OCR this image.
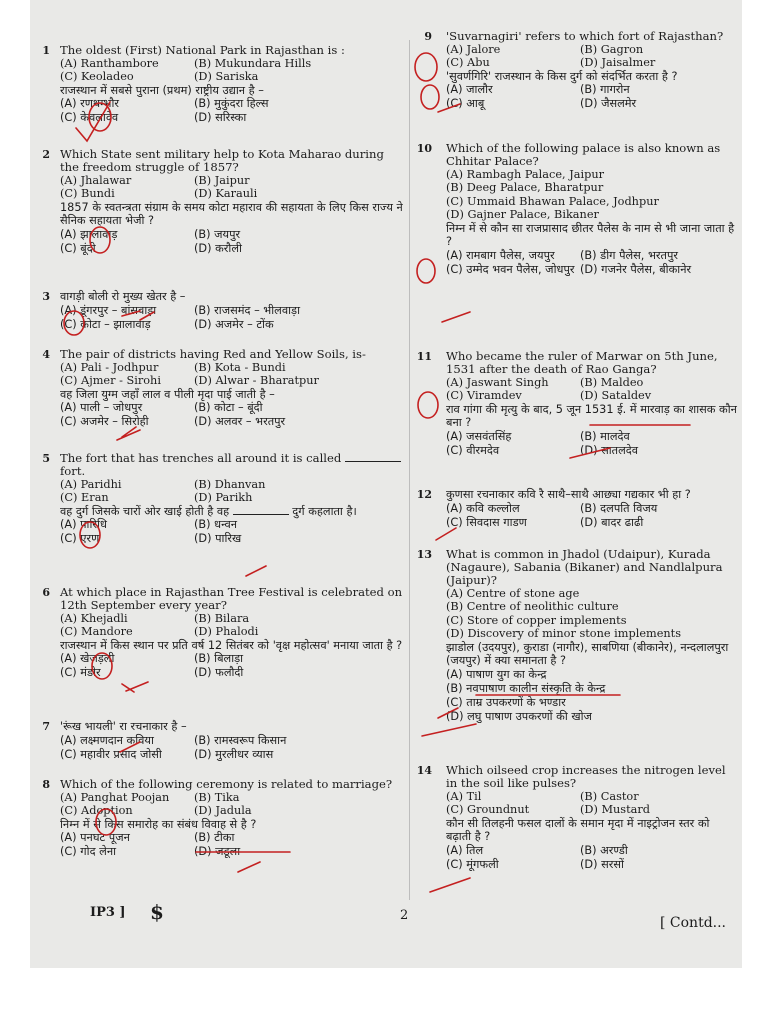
1 The oldest (First) National Park in Rajasthan is :
(A) Ranthambore	(B) Mukundara Hills
(C) Keoladeo	(D) Sariska
राजस्थान में सबसे पुराना (प्रथम) राष्ट्रीय उद्यान है –
(A) रणथम्भौर	(B) मुकुंदरा हिल्स
(C) केवलादेव	(D) सरिस्का
2 Which State sent military help to Kota Maharao during the freedom struggle of 1857?
(A) Jhalawar	(B) Jaipur
(C) Bundi	(D) Karauli
1857 के स्वतन्त्रता संग्राम के समय कोटा महाराव की सहायता के लिए किस राज्य ने सैनिक सहायता भेजी ?
(A) झालावाड़	(B) जयपुर
(C) बूंदी	(D) करौली
3 वागड़ी बोली रो मुख्य खेतर है –
(A) डूंगरपुर – बांसवाड़ा	(B) राजसमंद – भीलवाड़ा
(C) कोटा – झालावाड़	(D) अजमेर – टोंक
4 The pair of districts having Red and Yellow Soils, is-
(A) Pali - Jodhpur	(B) Kota - Bundi
(C) Ajmer - Sirohi	(D) Alwar - Bharatpur
वह जिला युग्म जहाँ लाल व पीली मृदा पाई जाती है –
(A) पाली – जोधपुर	(B) कोटा – बूंदी
(C) अजमेर – सिरोही	(D) अलवर – भरतपुर
5 The fort that has trenches all around it is called  fort.
(A) Paridhi	(B) Dhanvan
(C) Eran	(D) Parikh
वह दुर्ग जिसके चारों ओर खाई होती है वह	दुर्ग कहलाता है।
(A) पारिधि	(B) धन्वन
(C) एरण	(D) पारिख
6 At which place in Rajasthan Tree Festival is celebrated on 12th September every year?
(A) Khejadli	(B) Bilara
(C) Mandore	(D) Phalodi
राजस्थान में किस स्थान पर प्रति वर्ष 12 सितंबर को 'वृक्ष महोत्सव' मनाया जाता है ?
(A) खेजड़ली	(B) बिलाड़ा
(C) मंडोर	(D) फलौदी
7 'रूंख भायली' रा रचनाकार है –
(A) लक्ष्मणदान कविया	(B) रामस्वरूप किसान
(C) महावीर प्रसाद जोसी	(D) मुरलीधर व्यास
8 Which of the following ceremony is related to marriage?
(A) Panghat Poojan	(B) Tika
(C) Adoption	(D) Jadula
निम्न में से किस समारोह का संबंध विवाह से है ?
(A) पनघट पूजन	(B) टीका
(C) गोद लेना	(D) जडूला
9 'Suvarnagiri' refers to which fort of Rajasthan?
(A) Jalore	(B) Gagron
(C) Abu	(D) Jaisalmer
'सुवर्णगिरि' राजस्थान के किस दुर्ग को संदर्भित करता है ?
(A) जालौर	(B) गागरोन
(C) आबू	(D) जैसलमेर
10 Which of the following palace is also known as Chhitar Palace?
(A) Rambagh Palace, Jaipur
(B) Deeg Palace, Bharatpur
(C) Ummaid Bhawan Palace, Jodhpur
(D) Gajner Palace, Bikaner
निम्न में से कौन सा राजप्रासाद छीतर पैलेस के नाम से भी जाना जाता है ?
(A) रामबाग पैलेस, जयपुर	(B) डीग पैलेस, भरतपुर
(C) उम्मेद भवन पैलेस, जोधपुर (D) गजनेर पैलेस, बीकानेर
11 Who became the ruler of Marwar on 5th June, 1531 after the death of Rao Ganga?
(A) Jaswant Singh	(B) Maldeo
(C) Viramdev	(D) Sataldev
राव गांगा की मृत्यु के बाद, 5 जून 1531 ई. में मारवाड़ का शासक कौन बना ?
(A) जसवंतसिंह	(B) मालदेव
(C) वीरमदेव	(D) सातलदेव
12 कुणसा रचनाकार कवि रै साथै–साथै आछ्या गद्यकार भी हा ?
(A) कवि कल्लोल	(B) दलपति विजय
(C) सिवदास गाडण	(D) बादर ढाढी
13 What is common in Jhadol (Udaipur), Kurada (Nagaure), Sabania (Bikaner) and Nandlalpura (Jaipur)?
(A) Centre of stone age
(B) Centre of neolithic culture
(C) Store of copper implements
(D) Discovery of minor stone implements
झाडोल (उदयपुर), कुराडा (नागौर), साबणिया (बीकानेर), नन्दलालपुरा (जयपुर) में क्या समानता है ?
(A) पाषाण युग का केन्द्र
(B) नवपाषाण कालीन संस्कृति के केन्द्र
(C) ताम्र उपकरणों के भण्डार
(D) लघु पाषाण उपकरणों की खोज
14 Which oilseed crop increases the nitrogen level in the soil like pulses?
(A) Til	(B) Castor
(C) Groundnut	(D) Mustard
कौन सी तिलहनी फसल दालों के समान मृदा में नाइट्रोजन स्तर को बढ़ाती है ?
(A) तिल	(B) अरण्डी
(C) मूंगफली	(D) सरसों
IP3 ] $	2	[ Contd...
